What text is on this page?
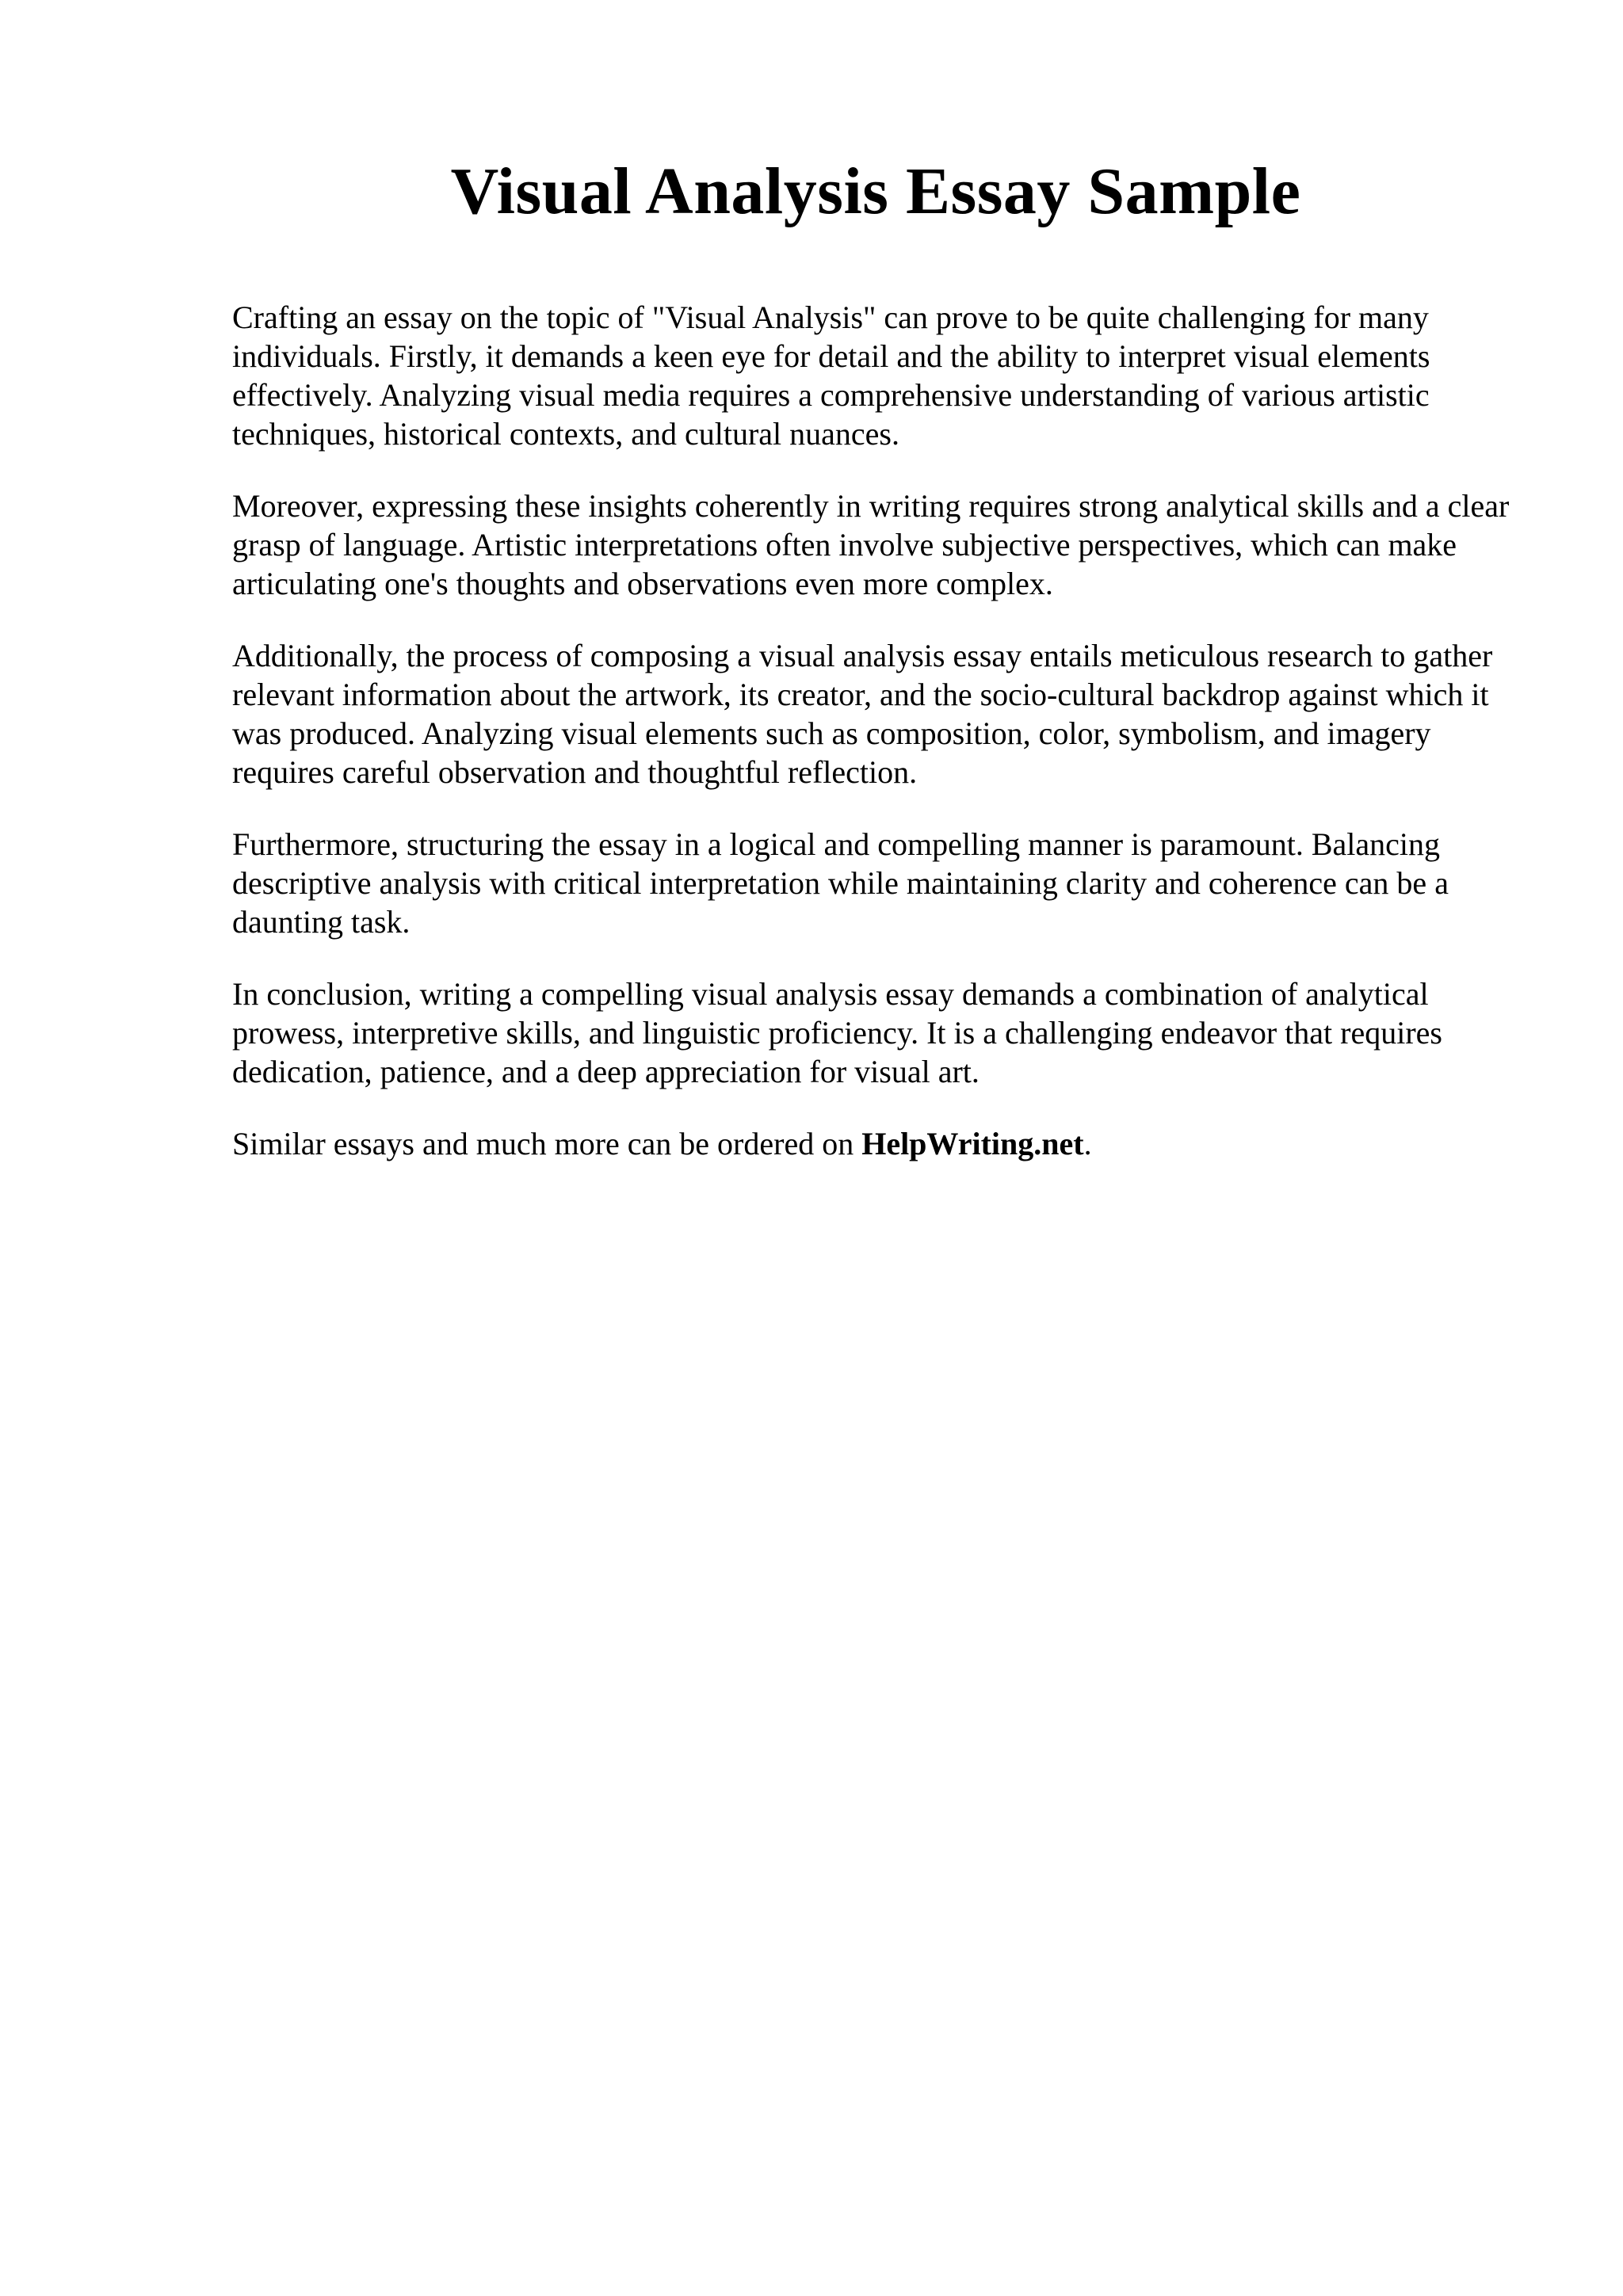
Visual Analysis Essay Sample

Crafting an essay on the topic of "Visual Analysis" can prove to be quite challenging for many individuals. Firstly, it demands a keen eye for detail and the ability to interpret visual elements effectively. Analyzing visual media requires a comprehensive understanding of various artistic techniques, historical contexts, and cultural nuances.

Moreover, expressing these insights coherently in writing requires strong analytical skills and a clear grasp of language. Artistic interpretations often involve subjective perspectives, which can make articulating one's thoughts and observations even more complex.

Additionally, the process of composing a visual analysis essay entails meticulous research to gather relevant information about the artwork, its creator, and the socio-cultural backdrop against which it was produced. Analyzing visual elements such as composition, color, symbolism, and imagery requires careful observation and thoughtful reflection.

Furthermore, structuring the essay in a logical and compelling manner is paramount. Balancing descriptive analysis with critical interpretation while maintaining clarity and coherence can be a daunting task.

In conclusion, writing a compelling visual analysis essay demands a combination of analytical prowess, interpretive skills, and linguistic proficiency. It is a challenging endeavor that requires dedication, patience, and a deep appreciation for visual art.

Similar essays and much more can be ordered on HelpWriting.net.
